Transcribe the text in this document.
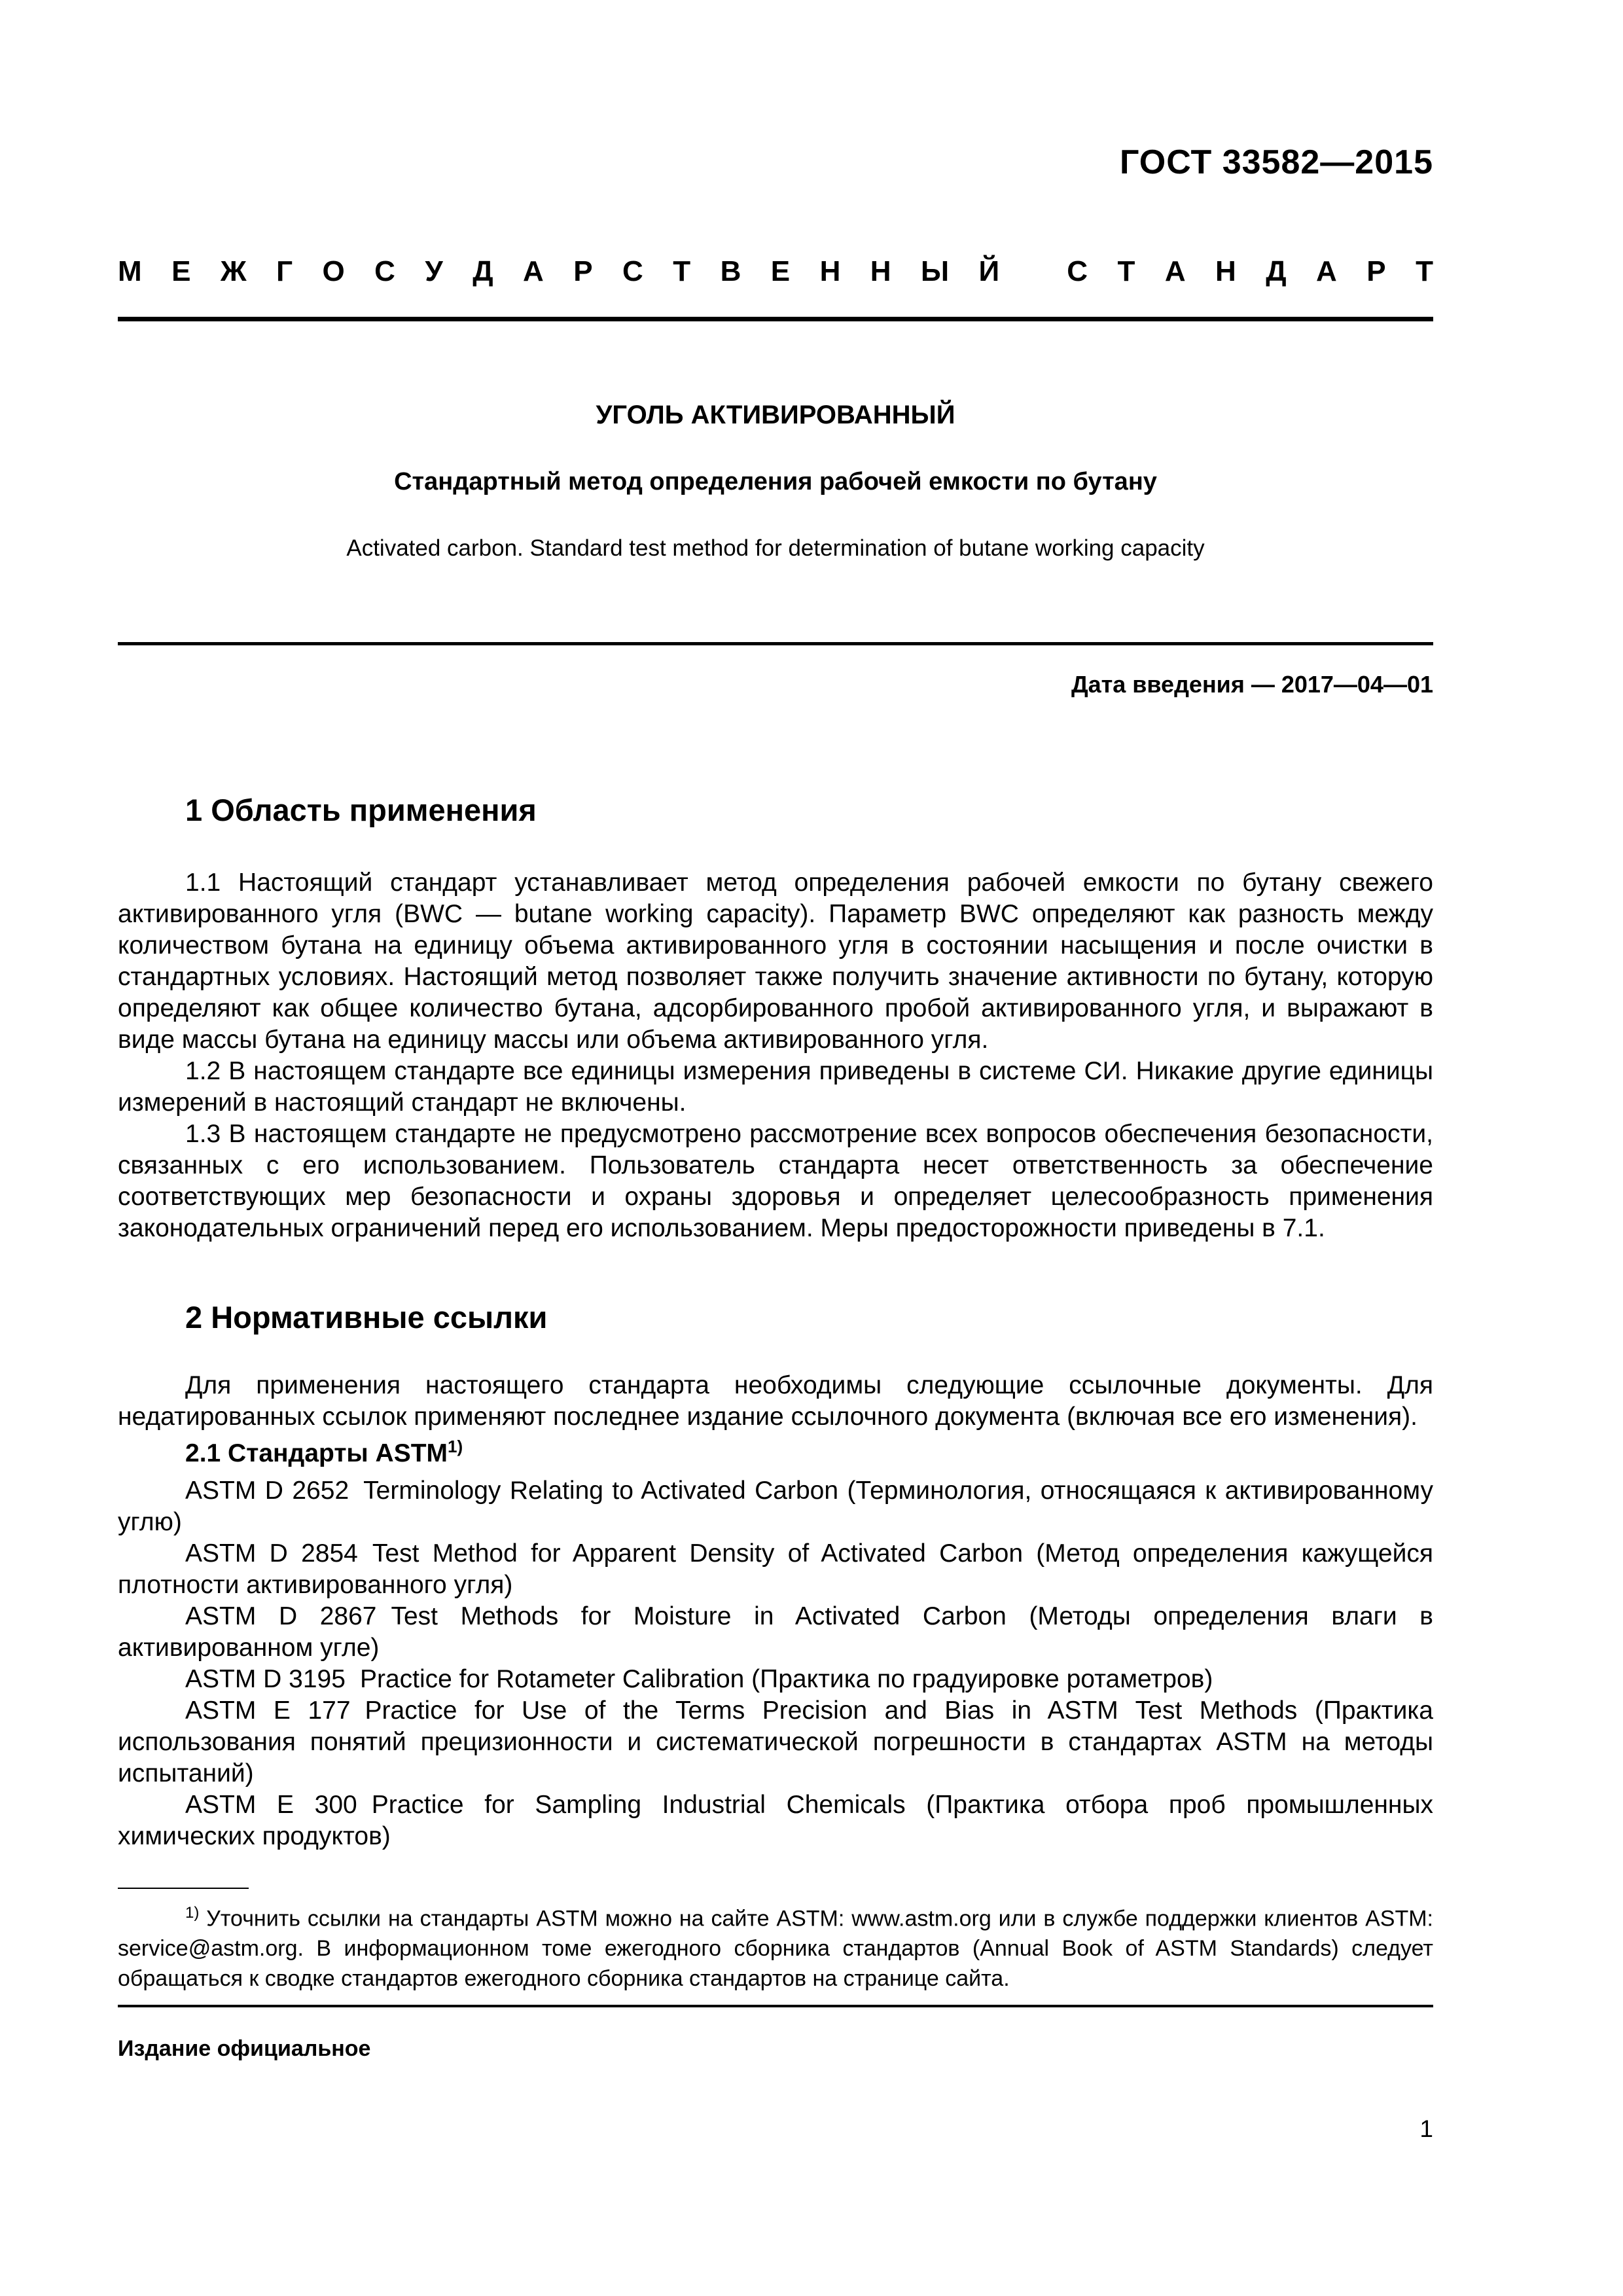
ГОСТ 33582—2015
М Е Ж Г О С У Д А Р С Т В Е Н Н Ы Й
С Т А Н Д А Р Т
УГОЛЬ АКТИВИРОВАННЫЙ
Стандартный метод определения рабочей емкости по бутану
Activated carbon. Standard test method for determination of butane working capacity
Дата введения — 2017—04—01
1 Область применения
1.1 Настоящий стандарт устанавливает метод определения рабочей емкости по бутану свежего активированного угля (BWC — butane working capacity). Параметр BWC определяют как разность между количеством бутана на единицу объема активированного угля в состоянии насыщения и после очистки в стандартных условиях. Настоящий метод позволяет также получить значение активности по бутану, которую определяют как общее количество бутана, адсорбированного пробой активированного угля, и выражают в виде массы бутана на единицу массы или объема активированного угля.
1.2 В настоящем стандарте все единицы измерения приведены в системе СИ. Никакие другие единицы измерений в настоящий стандарт не включены.
1.3 В настоящем стандарте не предусмотрено рассмотрение всех вопросов обеспечения безопасности, связанных с его использованием. Пользователь стандарта несет ответственность за обеспечение соответствующих мер безопасности и охраны здоровья и определяет целесообразность применения законодательных ограничений перед его использованием. Меры предосторожности приведены в 7.1.
2 Нормативные ссылки
Для применения настоящего стандарта необходимы следующие ссылочные документы. Для недатированных ссылок применяют последнее издание ссылочного документа (включая все его изменения).
2.1 Стандарты ASTM$^{1)}$
ASTM D 2652 Terminology Relating to Activated Carbon (Терминология, относящаяся к активированному углю)
ASTM D 2854 Test Method for Apparent Density of Activated Carbon (Метод определения кажущейся плотности активированного угля)
ASTM D 2867 Test Methods for Moisture in Activated Carbon (Методы определения влаги в активированном угле)
ASTM D 3195 Practice for Rotameter Calibration (Практика по градуировке ротаметров)
ASTM E 177 Practice for Use of the Terms Precision and Bias in ASTM Test Methods (Практика использования понятий прецизионности и систематической погрешности в стандартах ASTM на методы испытаний)
ASTM E 300 Practice for Sampling Industrial Chemicals (Практика отбора проб промышленных химических продуктов)
$^{1)}$ Уточнить ссылки на стандарты ASTM можно на сайте ASTM: www.astm.org или в службе поддержки клиентов ASTM: service@astm.org. В информационном томе ежегодного сборника стандартов (Annual Book of ASTM Standards) следует обращаться к сводке стандартов ежегодного сборника стандартов на странице сайта.
Издание официальное
1
